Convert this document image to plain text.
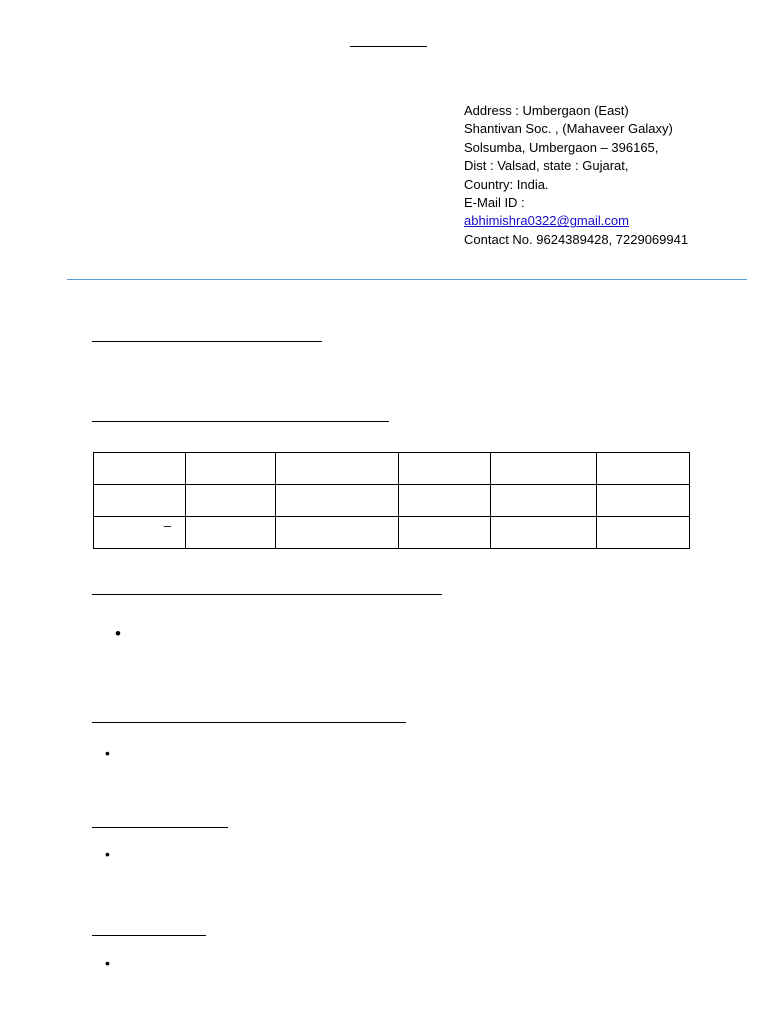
Address : Umbergaon (East)
Shantivan Soc. , (Mahaveer Galaxy)
Solsumba, Umbergaon – 396165,
Dist : Valsad, state : Gujarat,
Country: India.
E-Mail ID :
abhimishra0322@gmail.com
Contact No. 9624389428, 7229069941

–					
•
•
•
•
